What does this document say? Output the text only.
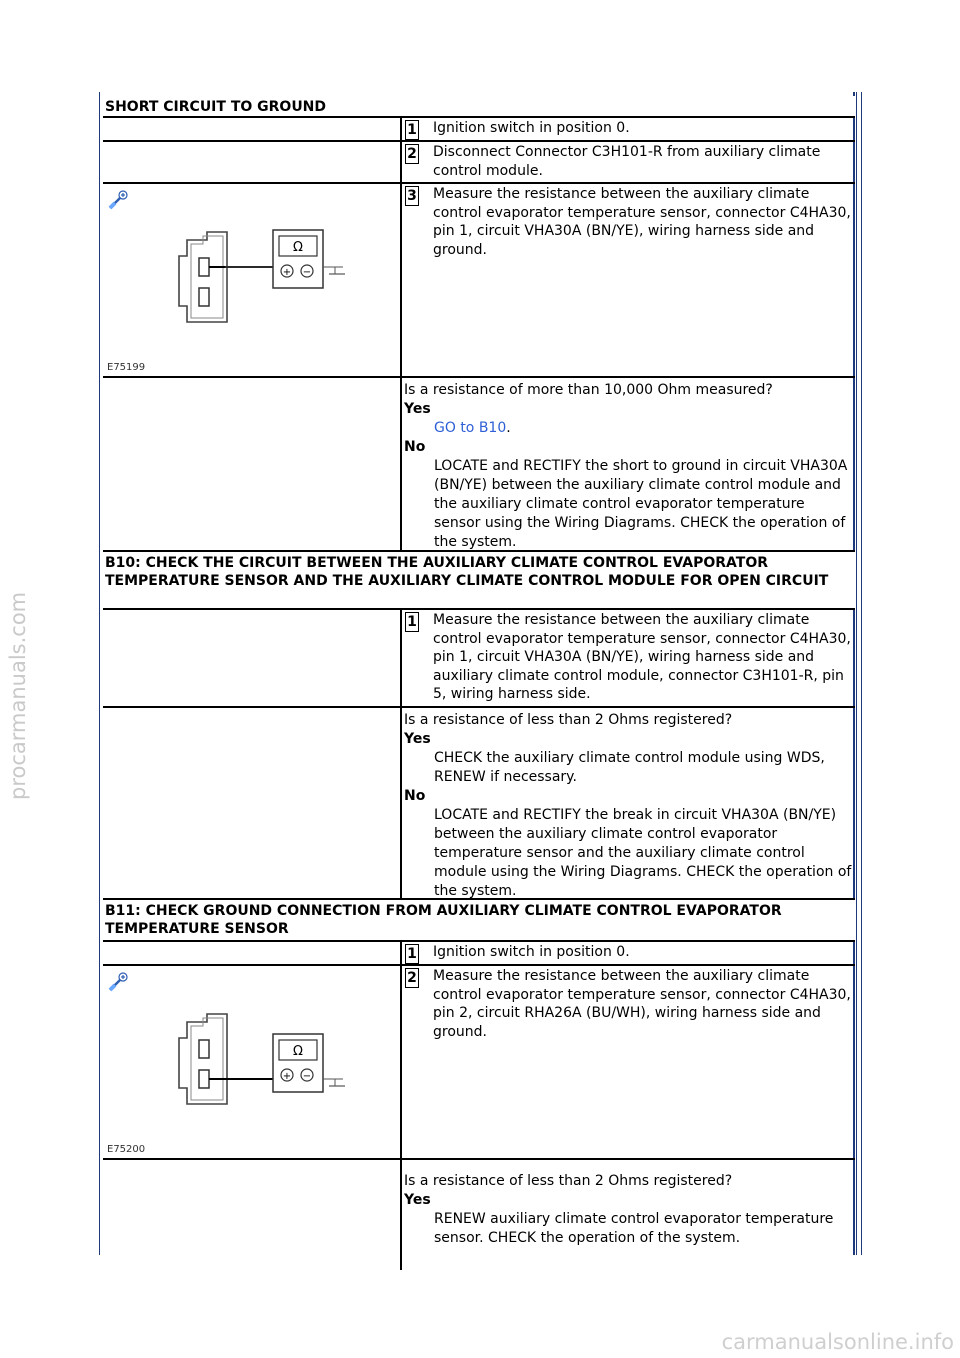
procarmanuals.com
carmanualsonline.info
SHORT CIRCUIT TO GROUND
1 Ignition switch in position 0.
2 Disconnect Connector C3H101-R from auxiliary climate control module.
Ω
+ −
E75199
3 Measure the resistance between the auxiliary climate control evaporator temperature sensor, connector C4HA30, pin 1, circuit VHA30A (BN/YE), wiring harness side and ground.
Is a resistance of more than 10,000 Ohm measured?
Yes
GO to B10.
No
LOCATE and RECTIFY the short to ground in circuit VHA30A (BN/YE) between the auxiliary climate control module and the auxiliary climate control evaporator temperature sensor using the Wiring Diagrams. CHECK the operation of the system.
B10: CHECK THE CIRCUIT BETWEEN THE AUXILIARY CLIMATE CONTROL EVAPORATOR TEMPERATURE SENSOR AND THE AUXILIARY CLIMATE CONTROL MODULE FOR OPEN CIRCUIT
1 Measure the resistance between the auxiliary climate control evaporator temperature sensor, connector C4HA30, pin 1, circuit VHA30A (BN/YE), wiring harness side and auxiliary climate control module, connector C3H101-R, pin 5, wiring harness side.
Is a resistance of less than 2 Ohms registered?
Yes
CHECK the auxiliary climate control module using WDS, RENEW if necessary.
No
LOCATE and RECTIFY the break in circuit VHA30A (BN/YE) between the auxiliary climate control evaporator temperature sensor and the auxiliary climate control module using the Wiring Diagrams. CHECK the operation of the system.
B11: CHECK GROUND CONNECTION FROM AUXILIARY CLIMATE CONTROL EVAPORATOR TEMPERATURE SENSOR
1 Ignition switch in position 0.
Ω
+ −
E75200
2 Measure the resistance between the auxiliary climate control evaporator temperature sensor, connector C4HA30, pin 2, circuit RHA26A (BU/WH), wiring harness side and ground.
Is a resistance of less than 2 Ohms registered?
Yes
RENEW auxiliary climate control evaporator temperature sensor. CHECK the operation of the system.
